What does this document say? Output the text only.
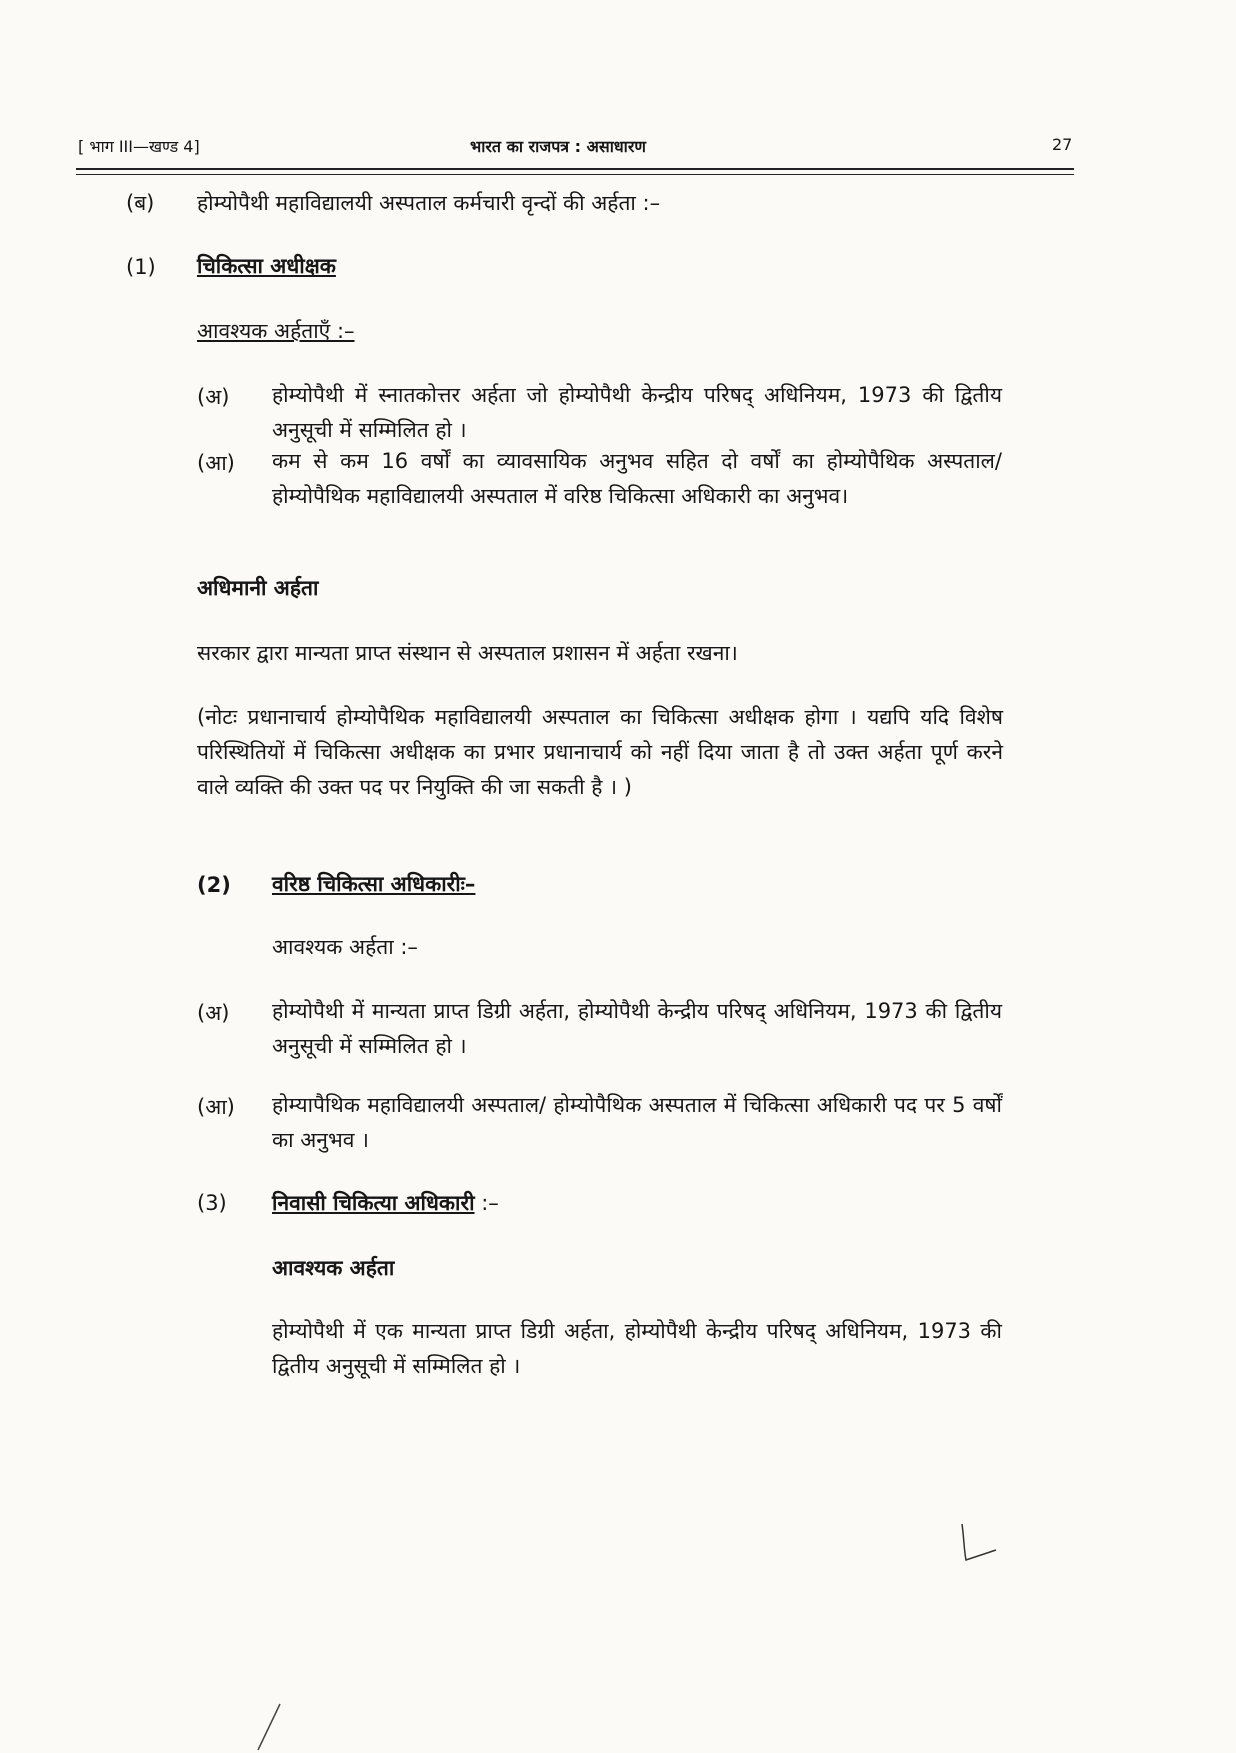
[ भाग III—खण्ड 4]	भारत का राजपत्र : असाधारण	27
(ब) होम्योपैथी महाविद्यालयी अस्पताल कर्मचारी वृन्दों की अर्हता :–
(1) चिकित्सा अधीक्षक
आवश्यक अर्हताएँ :–
(अ) होम्योपैथी में स्नातकोत्तर अर्हता जो होम्योपैथी केन्द्रीय परिषद् अधिनियम, 1973 की द्वितीय अनुसूची में सम्मिलित हो ।
(आ) कम से कम 16 वर्षों का व्यावसायिक अनुभव सहित दो वर्षों का होम्योपैथिक अस्पताल/ होम्योपैथिक महाविद्यालयी अस्पताल में वरिष्ठ चिकित्सा अधिकारी का अनुभव।
अधिमानी अर्हता
सरकार द्वारा मान्यता प्राप्त संस्थान से अस्पताल प्रशासन में अर्हता रखना।
(नोटः प्रधानाचार्य होम्योपैथिक महाविद्यालयी अस्पताल का चिकित्सा अधीक्षक होगा । यद्यपि यदि विशेष परिस्थितियों में चिकित्सा अधीक्षक का प्रभार प्रधानाचार्य को नहीं दिया जाता है तो उक्त अर्हता पूर्ण करने वाले व्यक्ति की उक्त पद पर नियुक्ति की जा सकती है । )
(2) वरिष्ठ चिकित्सा अधिकारीः–
आवश्यक अर्हता :–
(अ) होम्योपैथी में मान्यता प्राप्त डिग्री अर्हता, होम्योपैथी केन्द्रीय परिषद् अधिनियम, 1973 की द्वितीय अनुसूची में सम्मिलित हो ।
(आ) होम्यापैथिक महाविद्यालयी अस्पताल/ होम्योपैथिक अस्पताल में चिकित्सा अधिकारी पद पर 5 वर्षों का अनुभव ।
(3) निवासी चिकित्या अधिकारी :–
आवश्यक अर्हता
होम्योपैथी में एक मान्यता प्राप्त डिग्री अर्हता, होम्योपैथी केन्द्रीय परिषद् अधिनियम, 1973 की द्वितीय अनुसूची में सम्मिलित हो ।
